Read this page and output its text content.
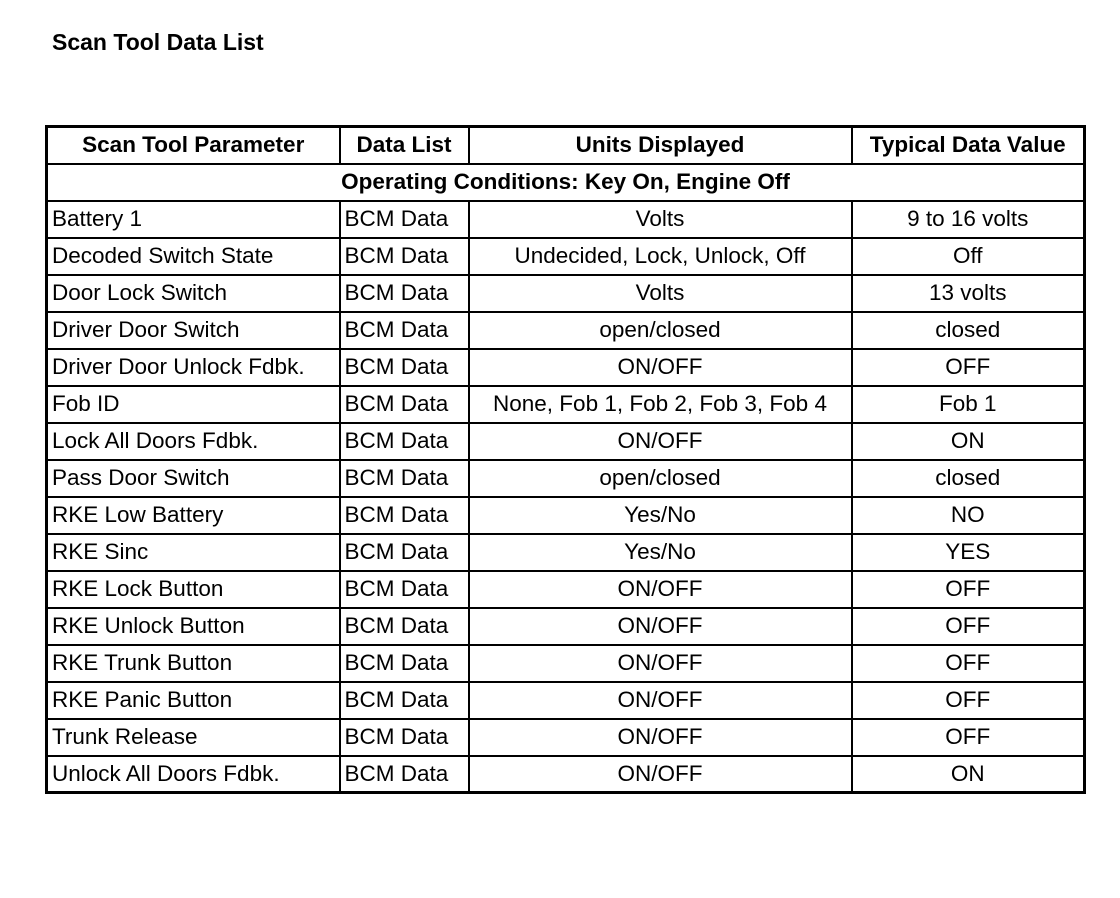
Scan Tool Data List
Scan Tool Parameter	Data List	Units Displayed	Typical Data Value
Operating Conditions: Key On, Engine Off			
Battery 1	BCM Data	Volts	9 to 16 volts
Decoded Switch State	BCM Data	Undecided, Lock, Unlock, Off	Off
Door Lock Switch	BCM Data	Volts	13 volts
Driver Door Switch	BCM Data	open/closed	closed
Driver Door Unlock Fdbk.	BCM Data	ON/OFF	OFF
Fob ID	BCM Data	None, Fob 1, Fob 2, Fob 3, Fob 4	Fob 1
Lock All Doors Fdbk.	BCM Data	ON/OFF	ON
Pass Door Switch	BCM Data	open/closed	closed
RKE Low Battery	BCM Data	Yes/No	NO
RKE Sinc	BCM Data	Yes/No	YES
RKE Lock Button	BCM Data	ON/OFF	OFF
RKE Unlock Button	BCM Data	ON/OFF	OFF
RKE Trunk Button	BCM Data	ON/OFF	OFF
RKE Panic Button	BCM Data	ON/OFF	OFF
Trunk Release	BCM Data	ON/OFF	OFF
Unlock All Doors Fdbk.	BCM Data	ON/OFF	ON
